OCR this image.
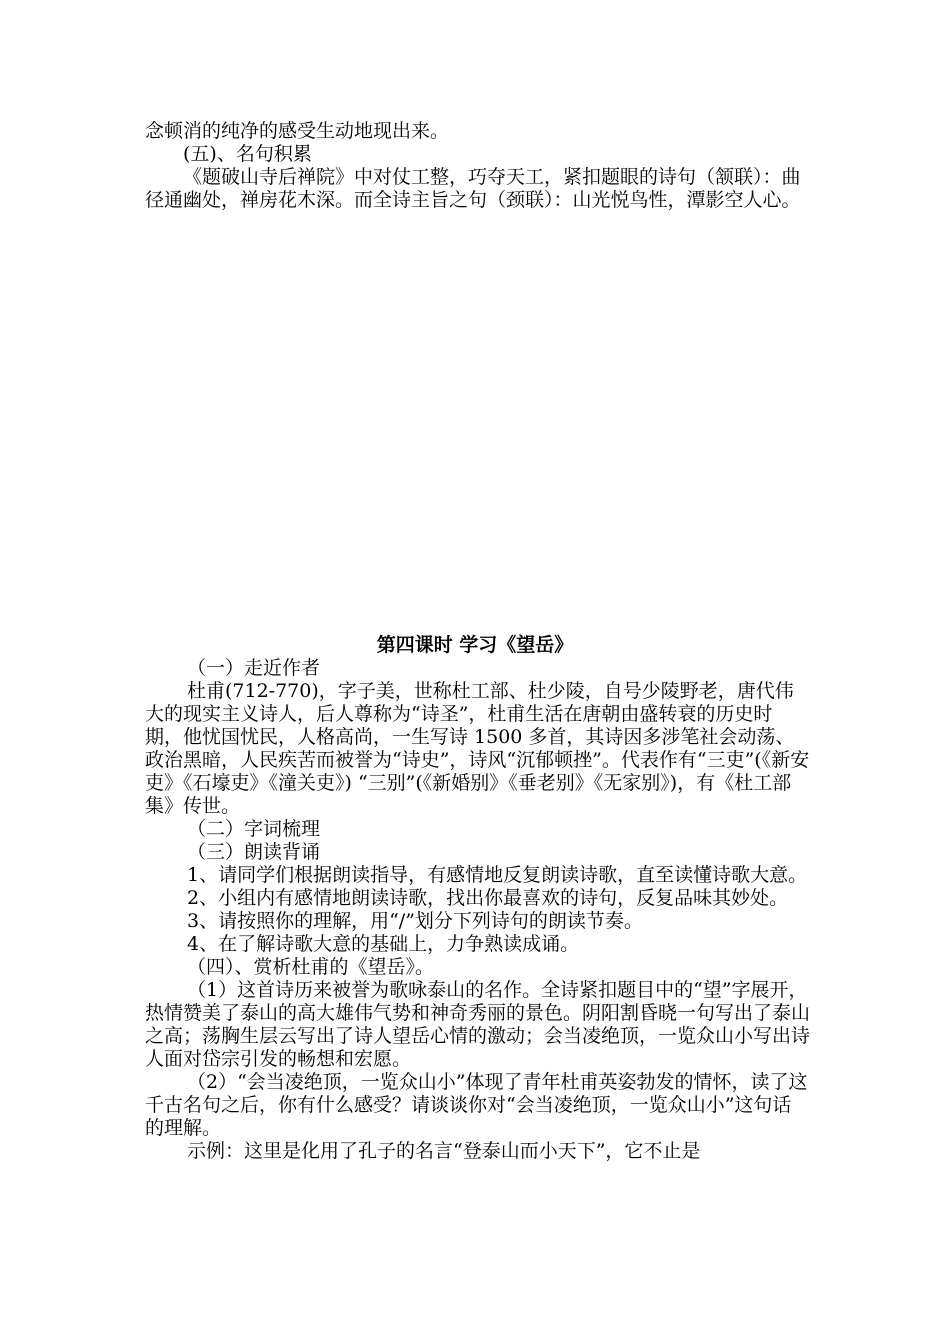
念顿消的纯净的感受生动地现出来。

(五)、名句积累

《题破山寺后禅院》中对仗工整，巧夺天工，紧扣题眼的诗句（颔联）：曲径通幽处，禅房花木深。而全诗主旨之句（颈联）：山光悦鸟性，潭影空人心。

第四课时 学习《望岳》

（一）走近作者

杜甫(712-770)，字子美，世称杜工部、杜少陵，自号少陵野老，唐代伟大的现实主义诗人，后人尊称为“诗圣”，杜甫生活在唐朝由盛转衰的历史时期，他忧国忧民，人格高尚，一生写诗 1500 多首，其诗因多涉笔社会动荡、政治黑暗，人民疾苦而被誉为“诗史”，诗风“沉郁顿挫”。代表作有“三吏”(《新安吏》《石壕吏》《潼关吏》) “三别”(《新婚别》《垂老别》《无家别》)，有《杜工部集》传世。

（二）字词梳理

（三）朗读背诵

1、请同学们根据朗读指导，有感情地反复朗读诗歌，直至读懂诗歌大意。

2、小组内有感情地朗读诗歌，找出你最喜欢的诗句，反复品味其妙处。

3、请按照你的理解，用“/”划分下列诗句的朗读节奏。

4、在了解诗歌大意的基础上，力争熟读成诵。

（四）、赏析杜甫的《望岳》。

（1）这首诗历来被誉为歌咏泰山的名作。全诗紧扣题目中的“望”字展开，热情赞美了泰山的高大雄伟气势和神奇秀丽的景色。阴阳割昏晓一句写出了泰山之高；荡胸生层云写出了诗人望岳心情的激动；会当凌绝顶，一览众山小写出诗人面对岱宗引发的畅想和宏愿。

（2）“会当凌绝顶，一览众山小”体现了青年杜甫英姿勃发的情怀，读了这千古名句之后，你有什么感受？请谈谈你对“会当凌绝顶，一览众山小”这句话的理解。

示例：这里是化用了孔子的名言“登泰山而小天下”，它不止是
